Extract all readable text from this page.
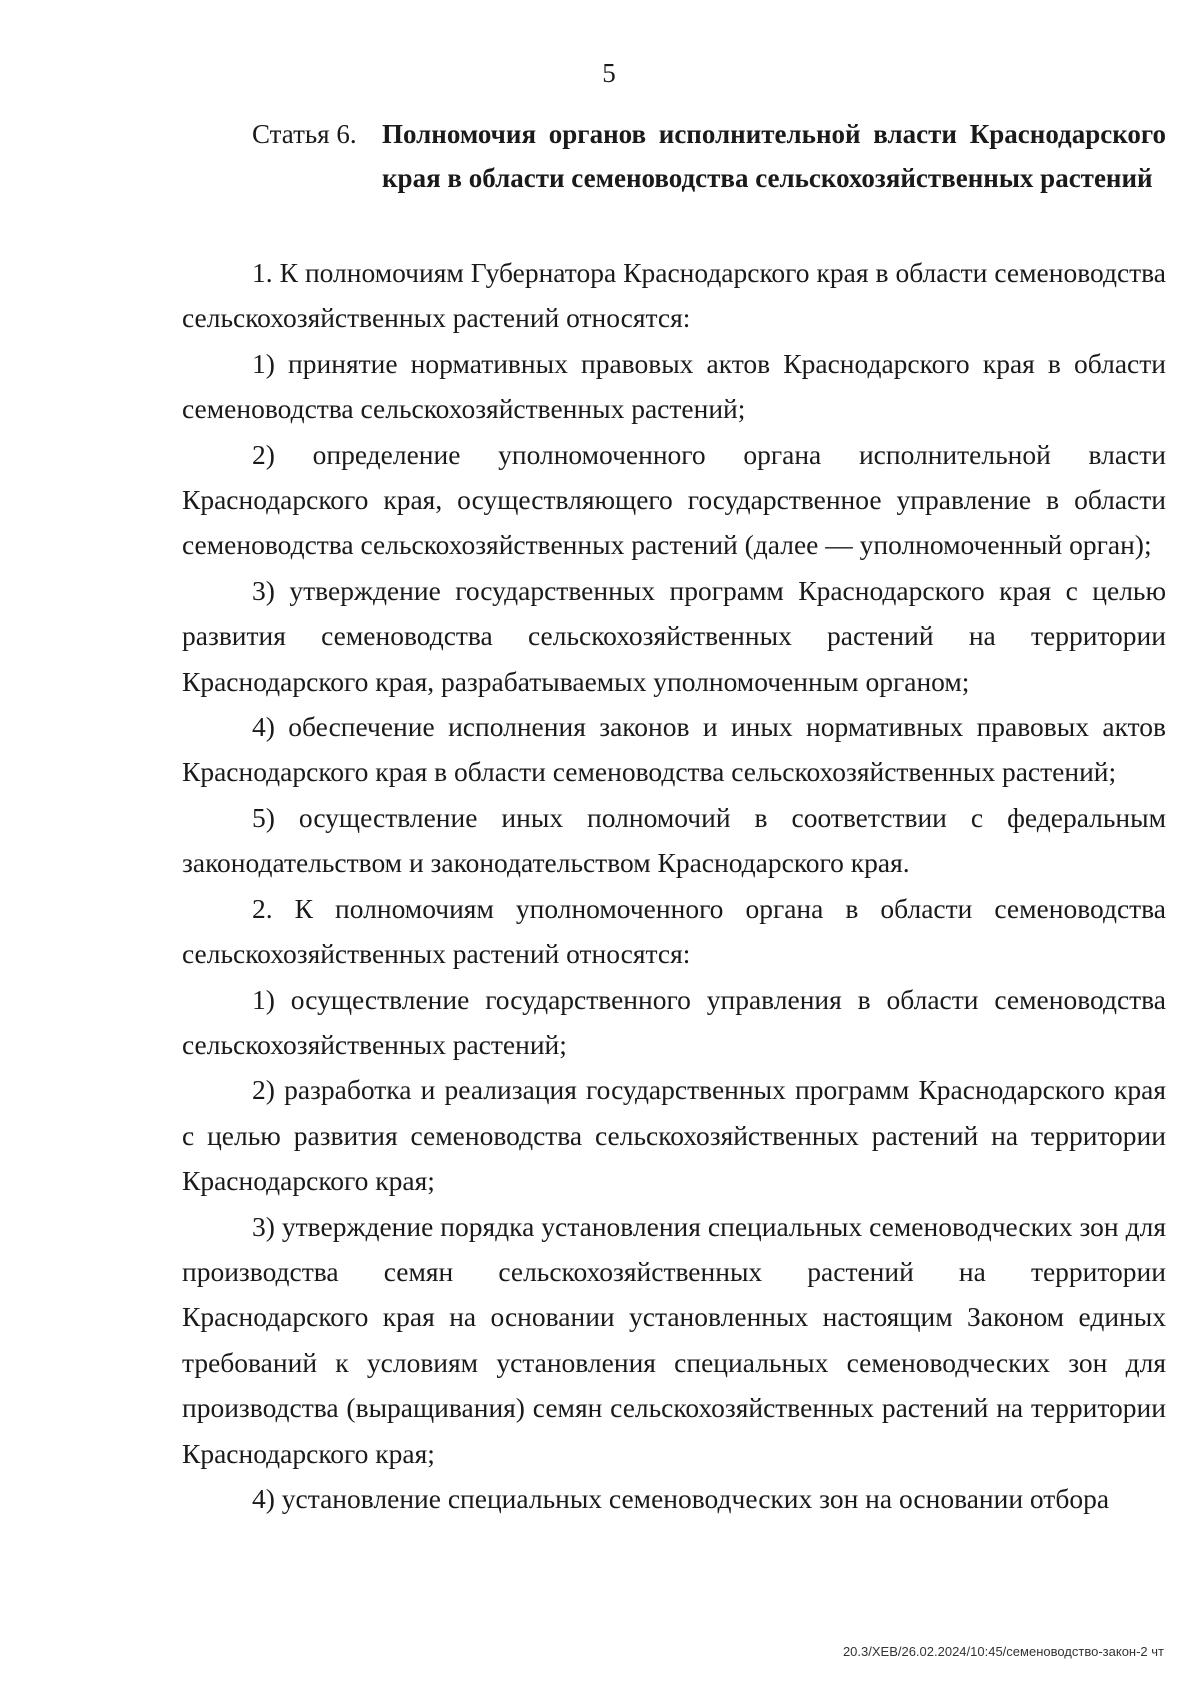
5
Статья 6. Полномочия органов исполнительной власти Краснодарского края в области семеноводства сельскохозяйственных растений

1. К полномочиям Губернатора Краснодарского края в области семеноводства сельскохозяйственных растений относятся:

1) принятие нормативных правовых актов Краснодарского края в области семеноводства сельскохозяйственных растений;

2) определение уполномоченного органа исполнительной власти Краснодарского края, осуществляющего государственное управление в области семеноводства сельскохозяйственных растений (далее — уполномоченный орган);

3) утверждение государственных программ Краснодарского края с целью развития семеноводства сельскохозяйственных растений на территории Краснодарского края, разрабатываемых уполномоченным органом;

4) обеспечение исполнения законов и иных нормативных правовых актов Краснодарского края в области семеноводства сельскохозяйственных растений;

5) осуществление иных полномочий в соответствии с федеральным законодательством и законодательством Краснодарского края.

2. К полномочиям уполномоченного органа в области семеноводства сельскохозяйственных растений относятся:

1) осуществление государственного управления в области семеноводства сельскохозяйственных растений;

2) разработка и реализация государственных программ Краснодарского края с целью развития семеноводства сельскохозяйственных растений на территории Краснодарского края;

3) утверждение порядка установления специальных семеноводческих зон для производства семян сельскохозяйственных растений на территории Краснодарского края на основании установленных настоящим Законом единых требований к условиям установления специальных семеноводческих зон для производства (выращивания) семян сельскохозяйственных растений на территории Краснодарского края;

4) установление специальных семеноводческих зон на основании отбора

20.3/ХЕВ/26.02.2024/10:45/семеноводство-закон-2 чт
